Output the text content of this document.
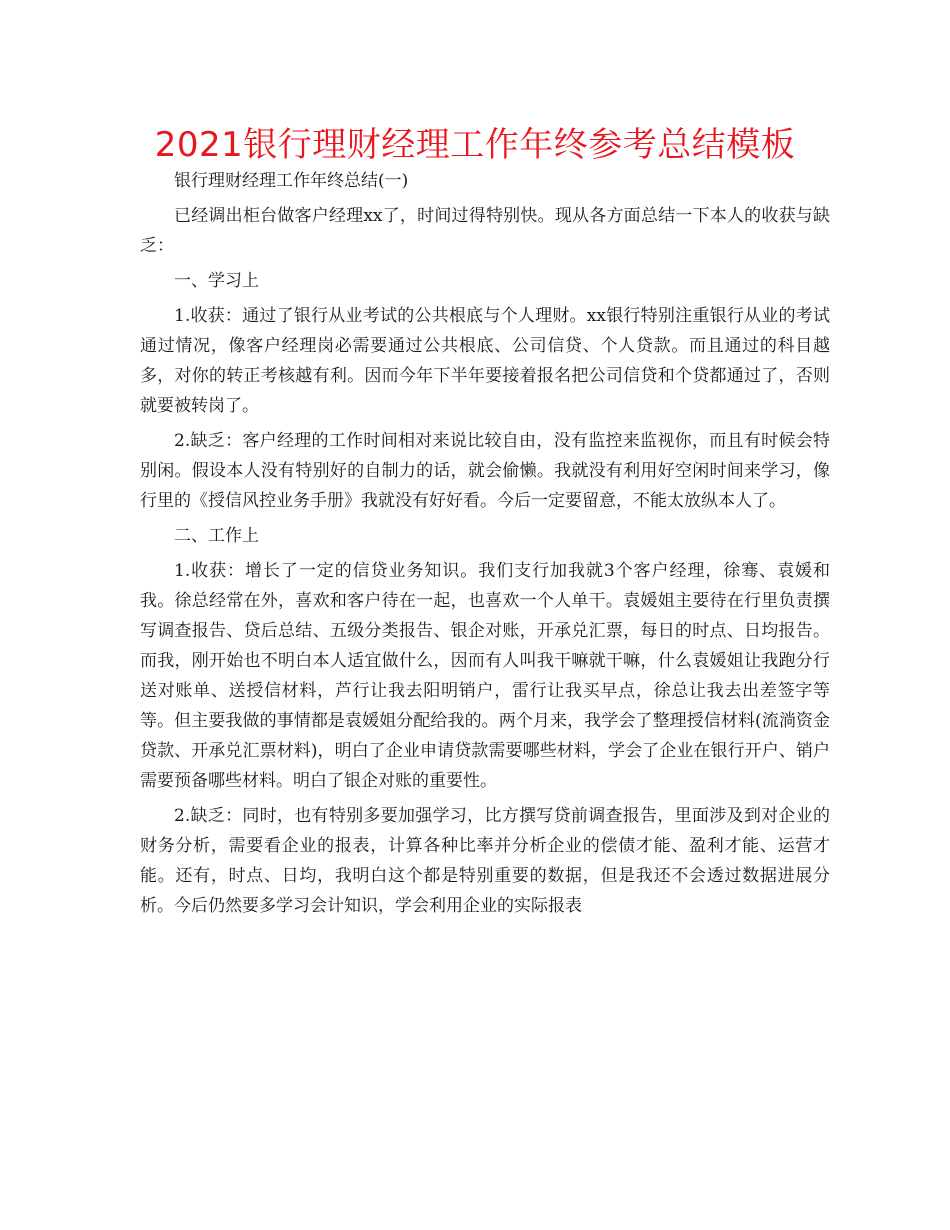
2021银行理财经理工作年终参考总结模板

银行理财经理工作年终总结(一)

已经调出柜台做客户经理xx了，时间过得特别快。现从各方面总结一下本人的收获与缺乏：

一、学习上

1.收获：通过了银行从业考试的公共根底与个人理财。xx银行特别注重银行从业的考试通过情况，像客户经理岗必需要通过公共根底、公司信贷、个人贷款。而且通过的科目越多，对你的转正考核越有利。因而今年下半年要接着报名把公司信贷和个贷都通过了，否则就要被转岗了。

2.缺乏：客户经理的工作时间相对来说比较自由，没有监控来监视你，而且有时候会特别闲。假设本人没有特别好的自制力的话，就会偷懒。我就没有利用好空闲时间来学习，像行里的《授信风控业务手册》我就没有好好看。今后一定要留意，不能太放纵本人了。

二、工作上

1.收获：增长了一定的信贷业务知识。我们支行加我就3个客户经理，徐骞、袁媛和我。徐总经常在外，喜欢和客户待在一起，也喜欢一个人单干。袁媛姐主要待在行里负责撰写调查报告、贷后总结、五级分类报告、银企对账，开承兑汇票，每日的时点、日均报告。而我，刚开始也不明白本人适宜做什么，因而有人叫我干嘛就干嘛，什么袁媛姐让我跑分行送对账单、送授信材料，芦行让我去阳明销户，雷行让我买早点，徐总让我去出差签字等等。但主要我做的事情都是袁媛姐分配给我的。两个月来，我学会了整理授信材料(流淌资金贷款、开承兑汇票材料)，明白了企业申请贷款需要哪些材料，学会了企业在银行开户、销户需要预备哪些材料。明白了银企对账的重要性。

2.缺乏：同时，也有特别多要加强学习，比方撰写贷前调查报告，里面涉及到对企业的财务分析，需要看企业的报表，计算各种比率并分析企业的偿债才能、盈利才能、运营才能。还有，时点、日均，我明白这个都是特别重要的数据，但是我还不会透过数据进展分析。今后仍然要多学习会计知识，学会利用企业的实际报表
